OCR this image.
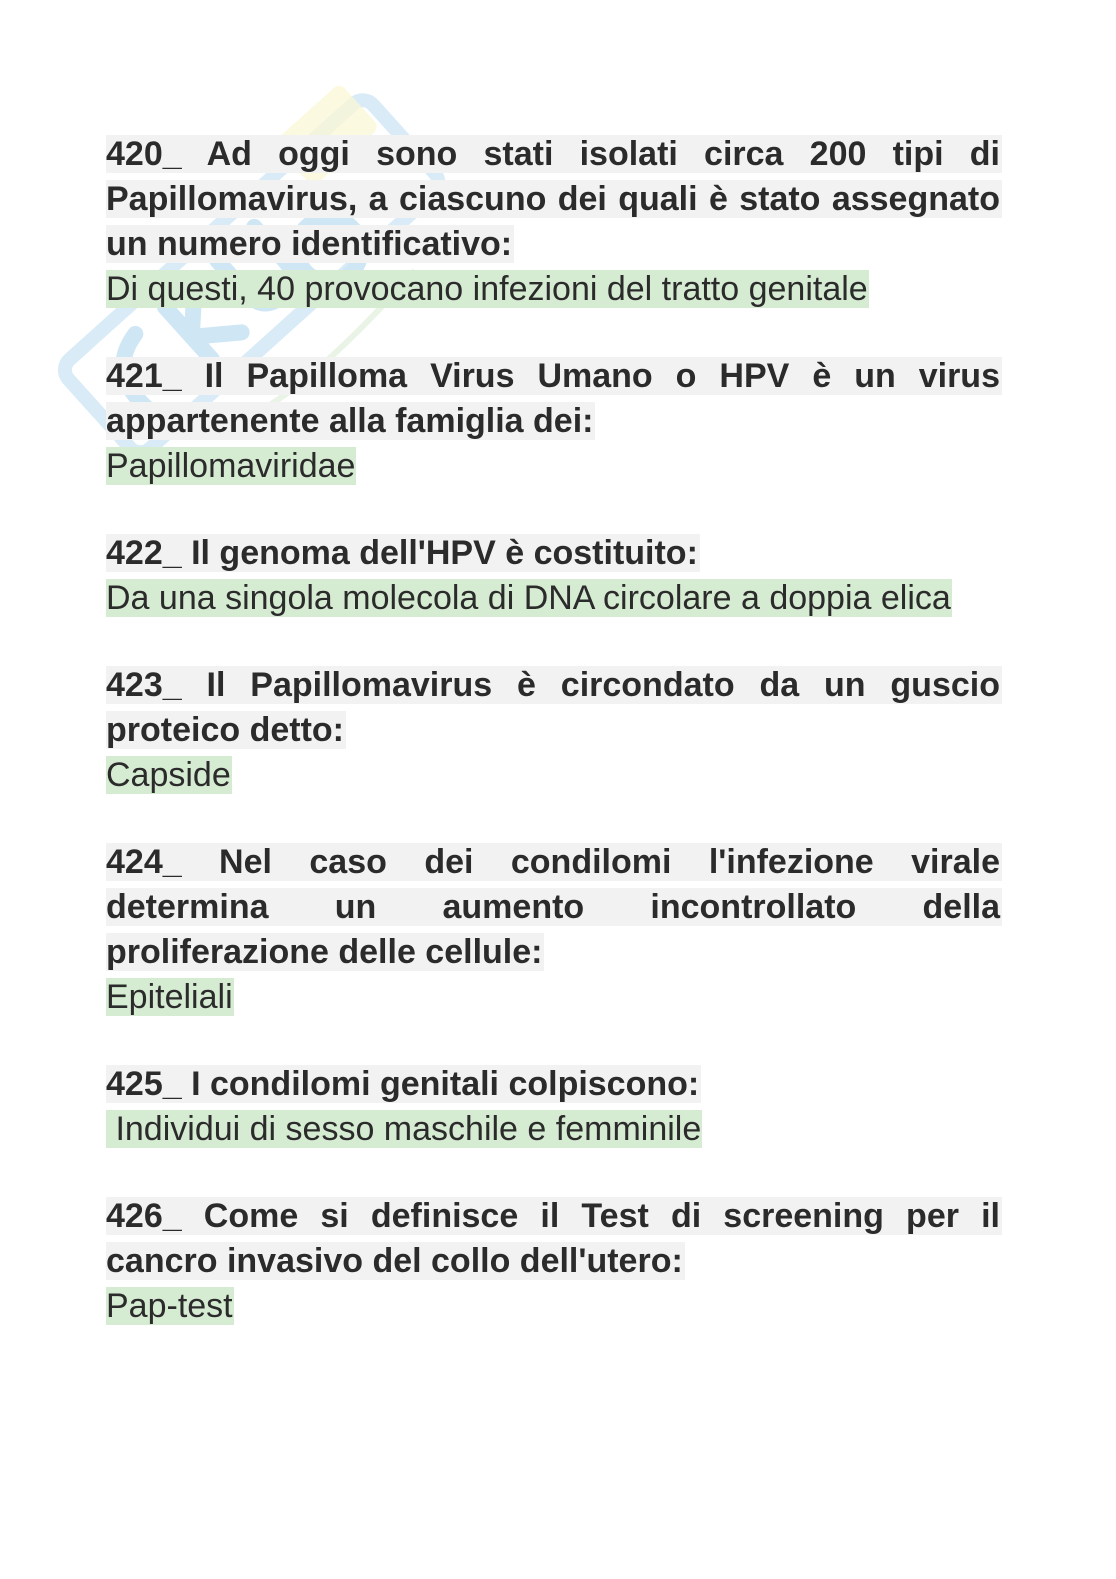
420_ Ad oggi sono stati isolati circa 200 tipi di Papillomavirus, a ciascuno dei quali è stato assegnato un numero identificativo:

Di questi, 40 provocano infezioni del tratto genitale

421_ Il Papilloma Virus Umano o HPV è un virus appartenente alla famiglia dei:

Papillomaviridae

422_ Il genoma dell'HPV è costituito:

Da una singola molecola di DNA circolare a doppia elica

423_ Il Papillomavirus è circondato da un guscio proteico detto:

Capside

424_ Nel caso dei condilomi l'infezione virale determina un aumento incontrollato della proliferazione delle cellule:

Epiteliali

425_ I condilomi genitali colpiscono:

Individui di sesso maschile e femminile

426_ Come si definisce il Test di screening per il cancro invasivo del collo dell'utero:

Pap-test
